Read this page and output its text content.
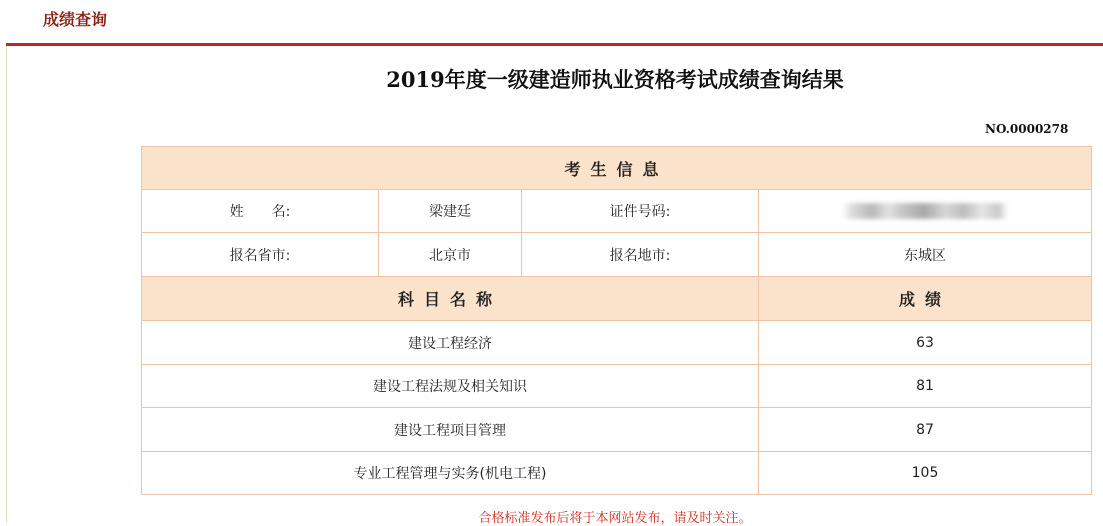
成绩查询
2019年度一级建造师执业资格考试成绩查询结果
NO.0000278
考生信息			
姓　　名:	梁建廷	证件号码:	
报名省市:	北京市	报名地市:	东城区
科目名称			成绩
建设工程经济			63
建设工程法规及相关知识			81
建设工程项目管理			87
专业工程管理与实务(机电工程)			105
合格标准发布后将于本网站发布，请及时关注。
